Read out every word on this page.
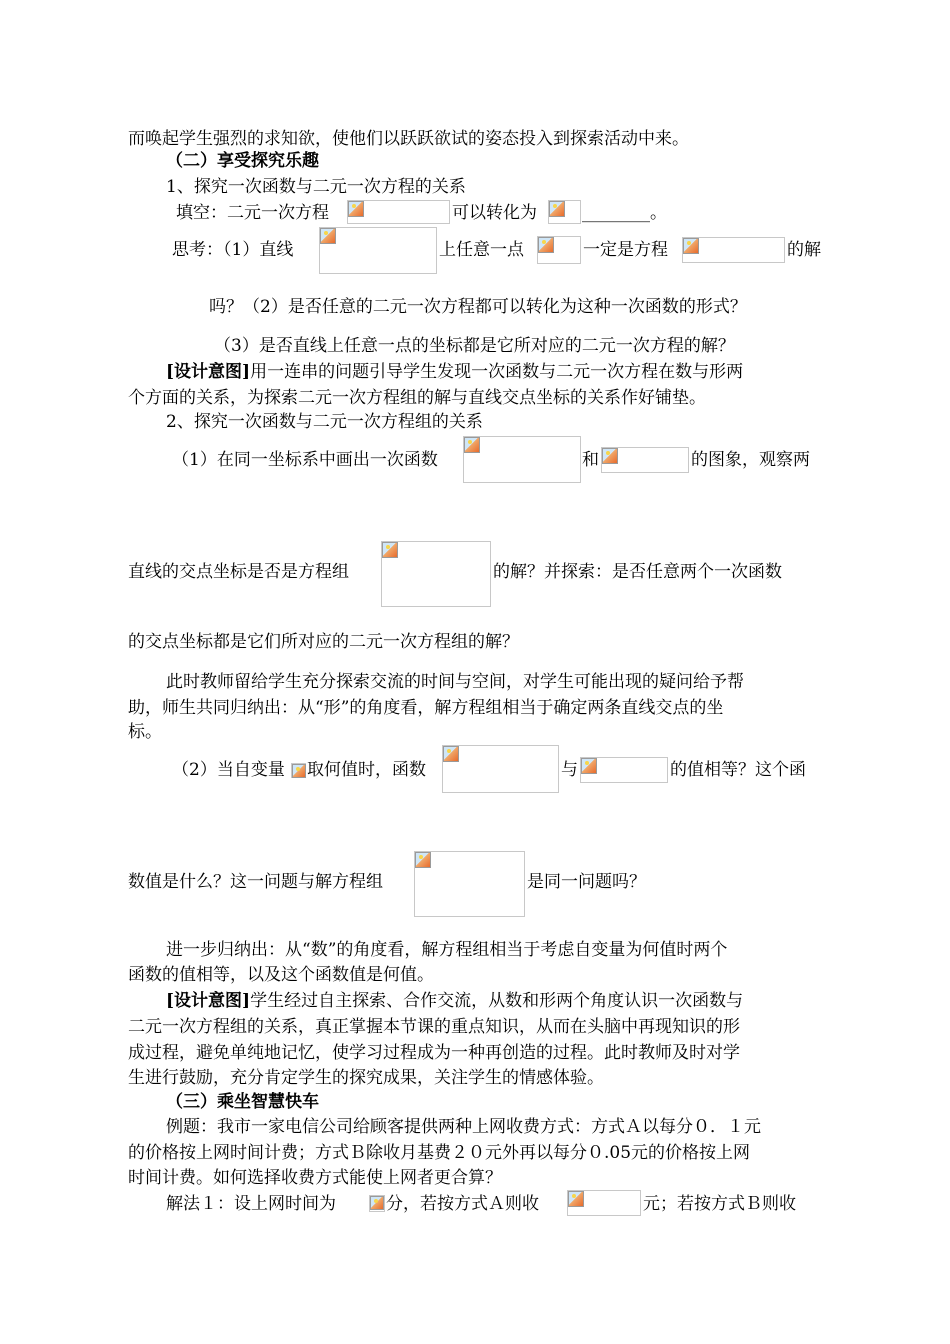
而唤起学生强烈的求知欲，使他们以跃跃欲试的姿态投入到探索活动中来。
（二）享受探究乐趣
1、探究一次函数与二元一次方程的关系
填空：二元一次方程	可以转化为	________。
思考：（1）直线	上任意一点	一定是方程	的解
吗？（2）是否任意的二元一次方程都可以转化为这种一次函数的形式？
（3）是否直线上任意一点的坐标都是它所对应的二元一次方程的解？
[设计意图]用一连串的问题引导学生发现一次函数与二元一次方程在数与形两
个方面的关系，为探索二元一次方程组的解与直线交点坐标的关系作好铺垫。
2、探究一次函数与二元一次方程组的关系
（1）在同一坐标系中画出一次函数	和	的图象，观察两
直线的交点坐标是否是方程组	的解？并探索：是否任意两个一次函数
的交点坐标都是它们所对应的二元一次方程组的解？
此时教师留给学生充分探索交流的时间与空间，对学生可能出现的疑问给予帮
助，师生共同归纳出：从“形”的角度看，解方程组相当于确定两条直线交点的坐
标。
（2）当自变量 取何值时，函数	与	的值相等？这个函
数值是什么？这一问题与解方程组	是同一问题吗？
进一步归纳出：从“数”的角度看，解方程组相当于考虑自变量为何值时两个
函数的值相等，以及这个函数值是何值。
[设计意图]学生经过自主探索、合作交流，从数和形两个角度认识一次函数与
二元一次方程组的关系，真正掌握本节课的重点知识，从而在头脑中再现知识的形
成过程，避免单纯地记忆，使学习过程成为一种再创造的过程。此时教师及时对学
生进行鼓励，充分肯定学生的探究成果，关注学生的情感体验。
（三）乘坐智慧快车
例题：我市一家电信公司给顾客提供两种上网收费方式：方式Ａ以每分０．１元
的价格按上网时间计费；方式Ｂ除收月基费２０元外再以每分０.05元的价格按上网
时间计费。如何选择收费方式能使上网者更合算？
解法１：设上网时间为	分，若按方式Ａ则收	元；若按方式Ｂ则收
